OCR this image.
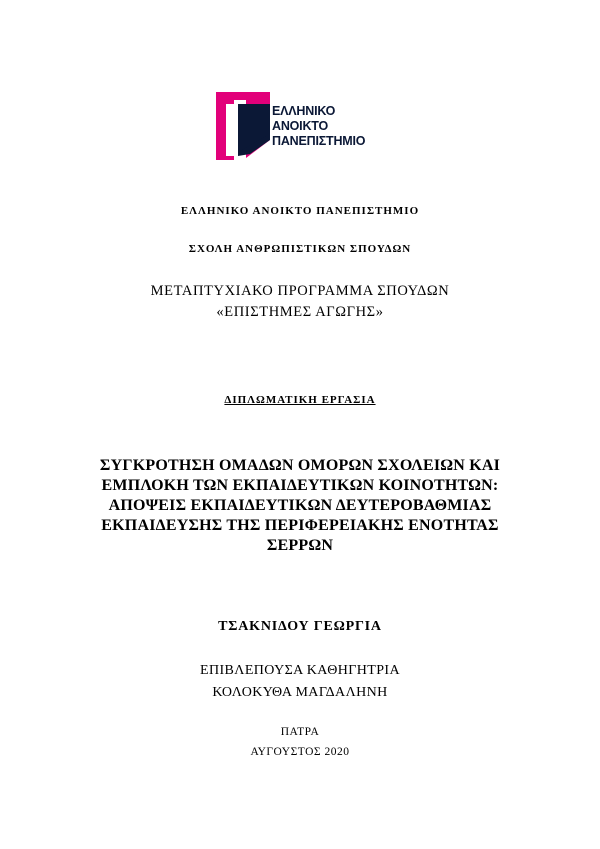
ΕΛΛΗΝΙΚΟ
ΑΝΟΙΚΤΟ
ΠΑΝΕΠΙΣΤΗΜΙΟ
ΕΛΛΗΝΙΚΟ ΑΝΟΙΚΤΟ ΠΑΝΕΠΙΣΤΗΜΙΟ
ΣΧΟΛΗ ΑΝΘΡΩΠΙΣΤΙΚΩΝ ΣΠΟΥΔΩΝ
ΜΕΤΑΠΤΥΧΙΑΚΟ ΠΡΟΓΡΑΜΜΑ ΣΠΟΥΔΩΝ
«ΕΠΙΣΤΗΜΕΣ ΑΓΩΓΗΣ»
ΔΙΠΛΩΜΑΤΙΚΗ ΕΡΓΑΣΙΑ
ΣΥΓΚΡΟΤΗΣΗ ΟΜΑΔΩΝ ΟΜΟΡΩΝ ΣΧΟΛΕΙΩΝ ΚΑΙ
ΕΜΠΛΟΚΗ ΤΩΝ ΕΚΠΑΙΔΕΥΤΙΚΩΝ ΚΟΙΝΟΤΗΤΩΝ:
ΑΠΟΨΕΙΣ ΕΚΠΑΙΔΕΥΤΙΚΩΝ ΔΕΥΤΕΡΟΒΑΘΜΙΑΣ
ΕΚΠΑΙΔΕΥΣΗΣ ΤΗΣ ΠΕΡΙΦΕΡΕΙΑΚΗΣ ΕΝΟΤΗΤΑΣ
ΣΕΡΡΩΝ
ΤΣΑΚΝΙΔΟΥ ΓΕΩΡΓΙΑ
ΕΠΙΒΛΕΠΟΥΣΑ ΚΑΘΗΓΗΤΡΙΑ
ΚΟΛΟΚΥΘΑ ΜΑΓΔΑΛΗΝΗ
ΠΑΤΡΑ
ΑΥΓΟΥΣΤΟΣ 2020
